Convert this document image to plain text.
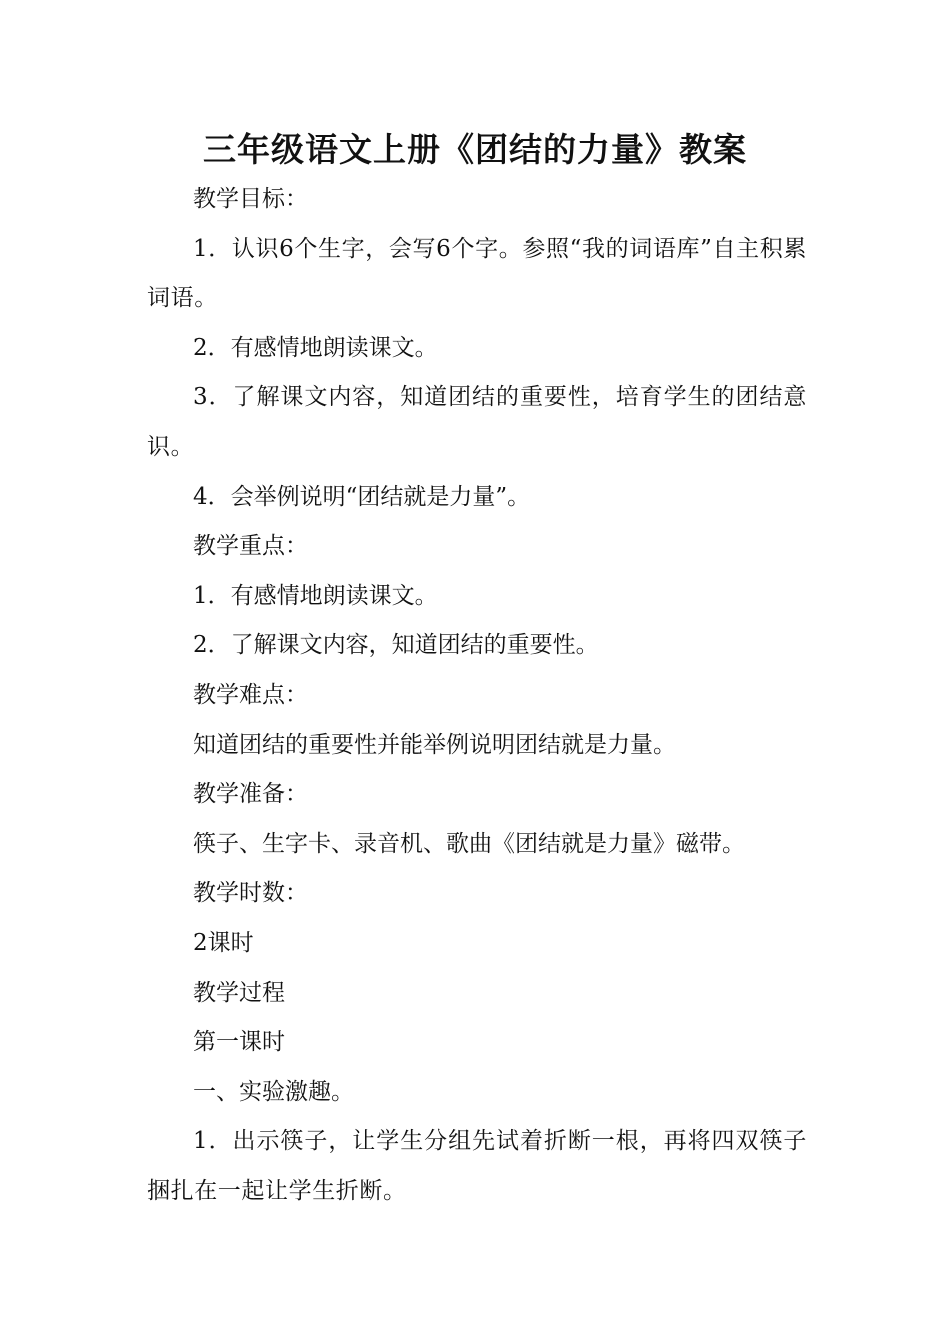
三年级语文上册《团结的力量》教案

教学目标：

1．认识6个生字，会写6个字。参照“我的词语库”自主积累词语。

2．有感情地朗读课文。

3．了解课文内容，知道团结的重要性，培育学生的团结意识。

4．会举例说明“团结就是力量”。

教学重点：

1．有感情地朗读课文。

2．了解课文内容，知道团结的重要性。

教学难点：

知道团结的重要性并能举例说明团结就是力量。

教学准备：

筷子、生字卡、录音机、歌曲《团结就是力量》磁带。

教学时数：

2课时

教学过程

第一课时

一、实验激趣。

1．出示筷子，让学生分组先试着折断一根，再将四双筷子捆扎在一起让学生折断。
